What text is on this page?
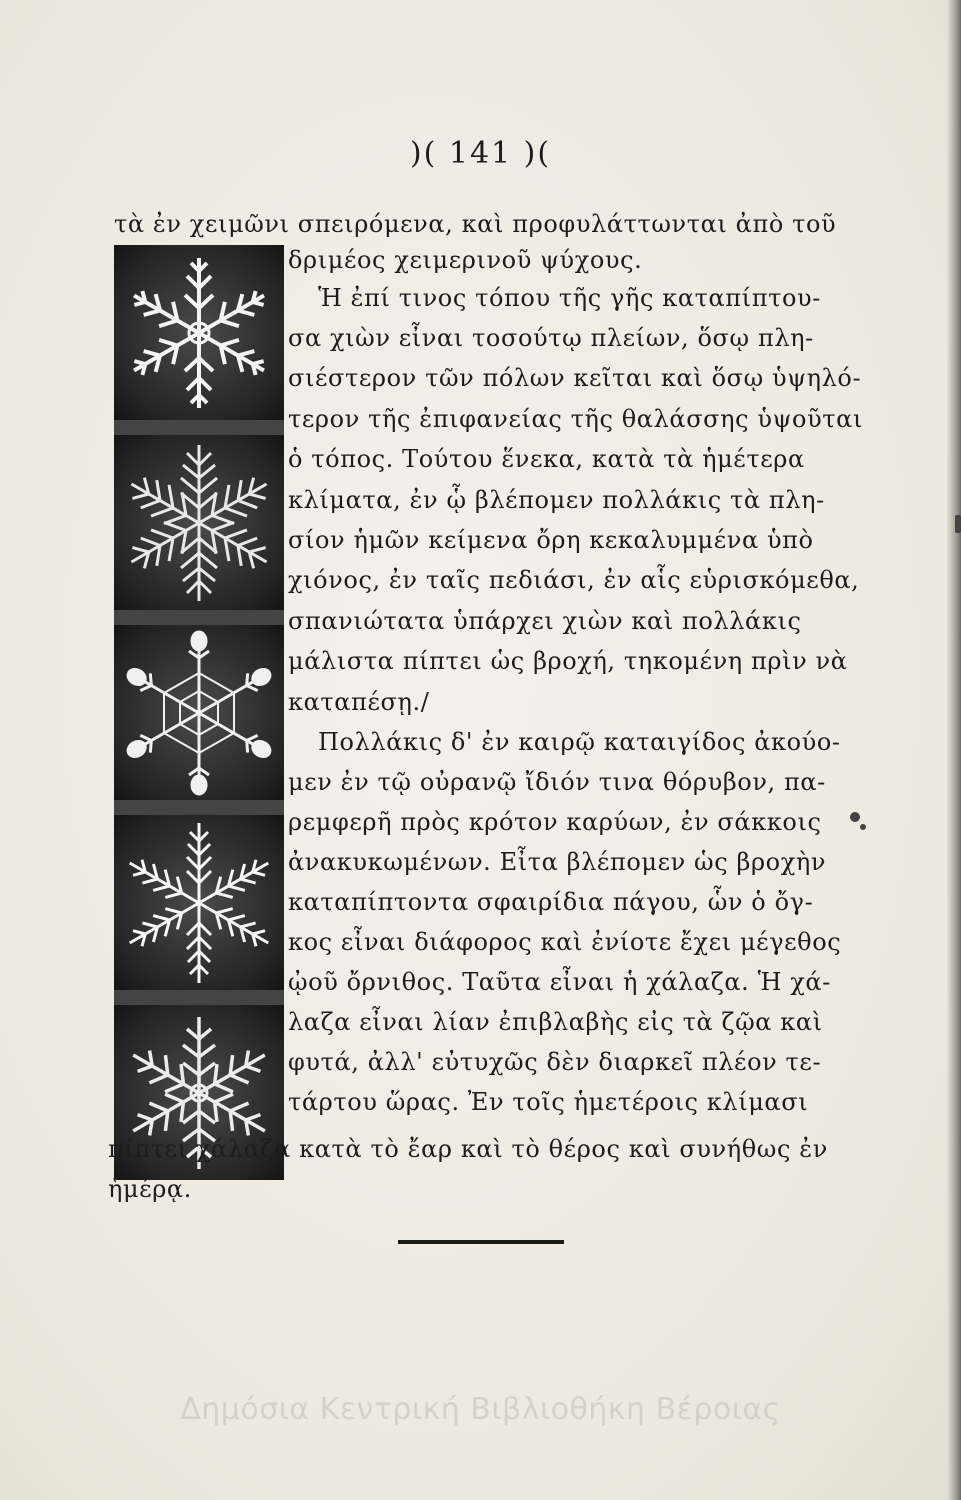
)( 141 )(
τὰ ἐν χειμῶνι σπειρόμενα, καὶ προφυλάττωνται ἀπὸ τοῦ
δριμέος χειμερινοῦ ψύχους.
Ἡ ἐπί τινος τόπου τῆς γῆς καταπίπτου-
σα χιὼν εἶναι τοσούτῳ πλείων, ὅσῳ πλη-
σιέστερον τῶν πόλων κεῖται καὶ ὅσῳ ὑψηλό-
τερον τῆς ἐπιφανείας τῆς θαλάσσης ὑψοῦται
ὁ τόπος. Τούτου ἕνεκα, κατὰ τὰ ἡμέτερα
κλίματα, ἐν ᾧ βλέπομεν πολλάκις τὰ πλη-
σίον ἡμῶν κείμενα ὄρη κεκαλυμμένα ὑπὸ
χιόνος, ἐν ταῖς πεδιάσι, ἐν αἷς εὑρισκόμεθα,
σπανιώτατα ὑπάρχει χιὼν καὶ πολλάκις
μάλιστα πίπτει ὡς βροχή, τηκομένη πρὶν νὰ
καταπέσῃ./
Πολλάκις δ' ἐν καιρῷ καταιγίδος ἀκούο-
μεν ἐν τῷ οὐρανῷ ἴδιόν τινα θόρυβον, πα-
ρεμφερῆ πρὸς κρότον καρύων, ἐν σάκκοις
ἀνακυκωμένων. Εἶτα βλέπομεν ὡς βροχὴν
καταπίπτοντα σφαιρίδια πάγου, ὧν ὁ ὄγ-
κος εἶναι διάφορος καὶ ἐνίοτε ἔχει μέγεθος
ᾠοῦ ὄρνιθος. Ταῦτα εἶναι ἡ χάλαζα. Ἡ χά-
λαζα εἶναι λίαν ἐπιβλαβὴς εἰς τὰ ζῷα καὶ
φυτά, ἀλλ' εὐτυχῶς δὲν διαρκεῖ πλέον τε-
τάρτου ὥρας. Ἐν τοῖς ἡμετέροις κλίμασι
πίπτει χάλαζα κατὰ τὸ ἔαρ καὶ τὸ θέρος καὶ συνήθως ἐν
ἡμέρᾳ.
Δημόσια Κεντρική Βιβλιοθήκη Βέροιας
